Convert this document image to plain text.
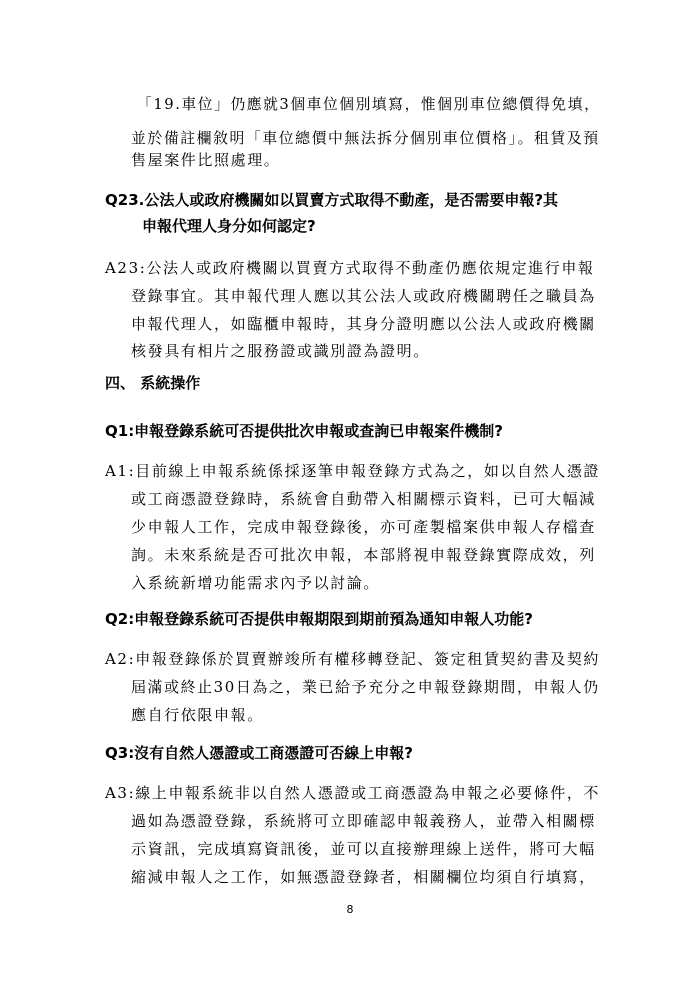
「19.車位」仍應就3個車位個別填寫，惟個別車位總價得免填，
並於備註欄敘明「車位總價中無法拆分個別車位價格」。租賃及預
售屋案件比照處理。
Q23.公法人或政府機關如以買賣方式取得不動產，是否需要申報?其
申報代理人身分如何認定?
A23:公法人或政府機關以買賣方式取得不動產仍應依規定進行申報
登錄事宜。其申報代理人應以其公法人或政府機關聘任之職員為
申報代理人，如臨櫃申報時，其身分證明應以公法人或政府機關
核發具有相片之服務證或識別證為證明。
四、 系統操作
Q1:申報登錄系統可否提供批次申報或查詢已申報案件機制?
A1:目前線上申報系統係採逐筆申報登錄方式為之，如以自然人憑證
或工商憑證登錄時，系統會自動帶入相關標示資料，已可大幅減
少申報人工作，完成申報登錄後，亦可產製檔案供申報人存檔查
詢。未來系統是否可批次申報，本部將視申報登錄實際成效，列
入系統新增功能需求內予以討論。
Q2:申報登錄系統可否提供申報期限到期前預為通知申報人功能?
A2:申報登錄係於買賣辦竣所有權移轉登記、簽定租賃契約書及契約
屆滿或終止30日為之，業已給予充分之申報登錄期間，申報人仍
應自行依限申報。
Q3:沒有自然人憑證或工商憑證可否線上申報?
A3:線上申報系統非以自然人憑證或工商憑證為申報之必要條件，不
過如為憑證登錄，系統將可立即確認申報義務人，並帶入相關標
示資訊，完成填寫資訊後，並可以直接辦理線上送件，將可大幅
縮減申報人之工作，如無憑證登錄者，相關欄位均須自行填寫，
8
